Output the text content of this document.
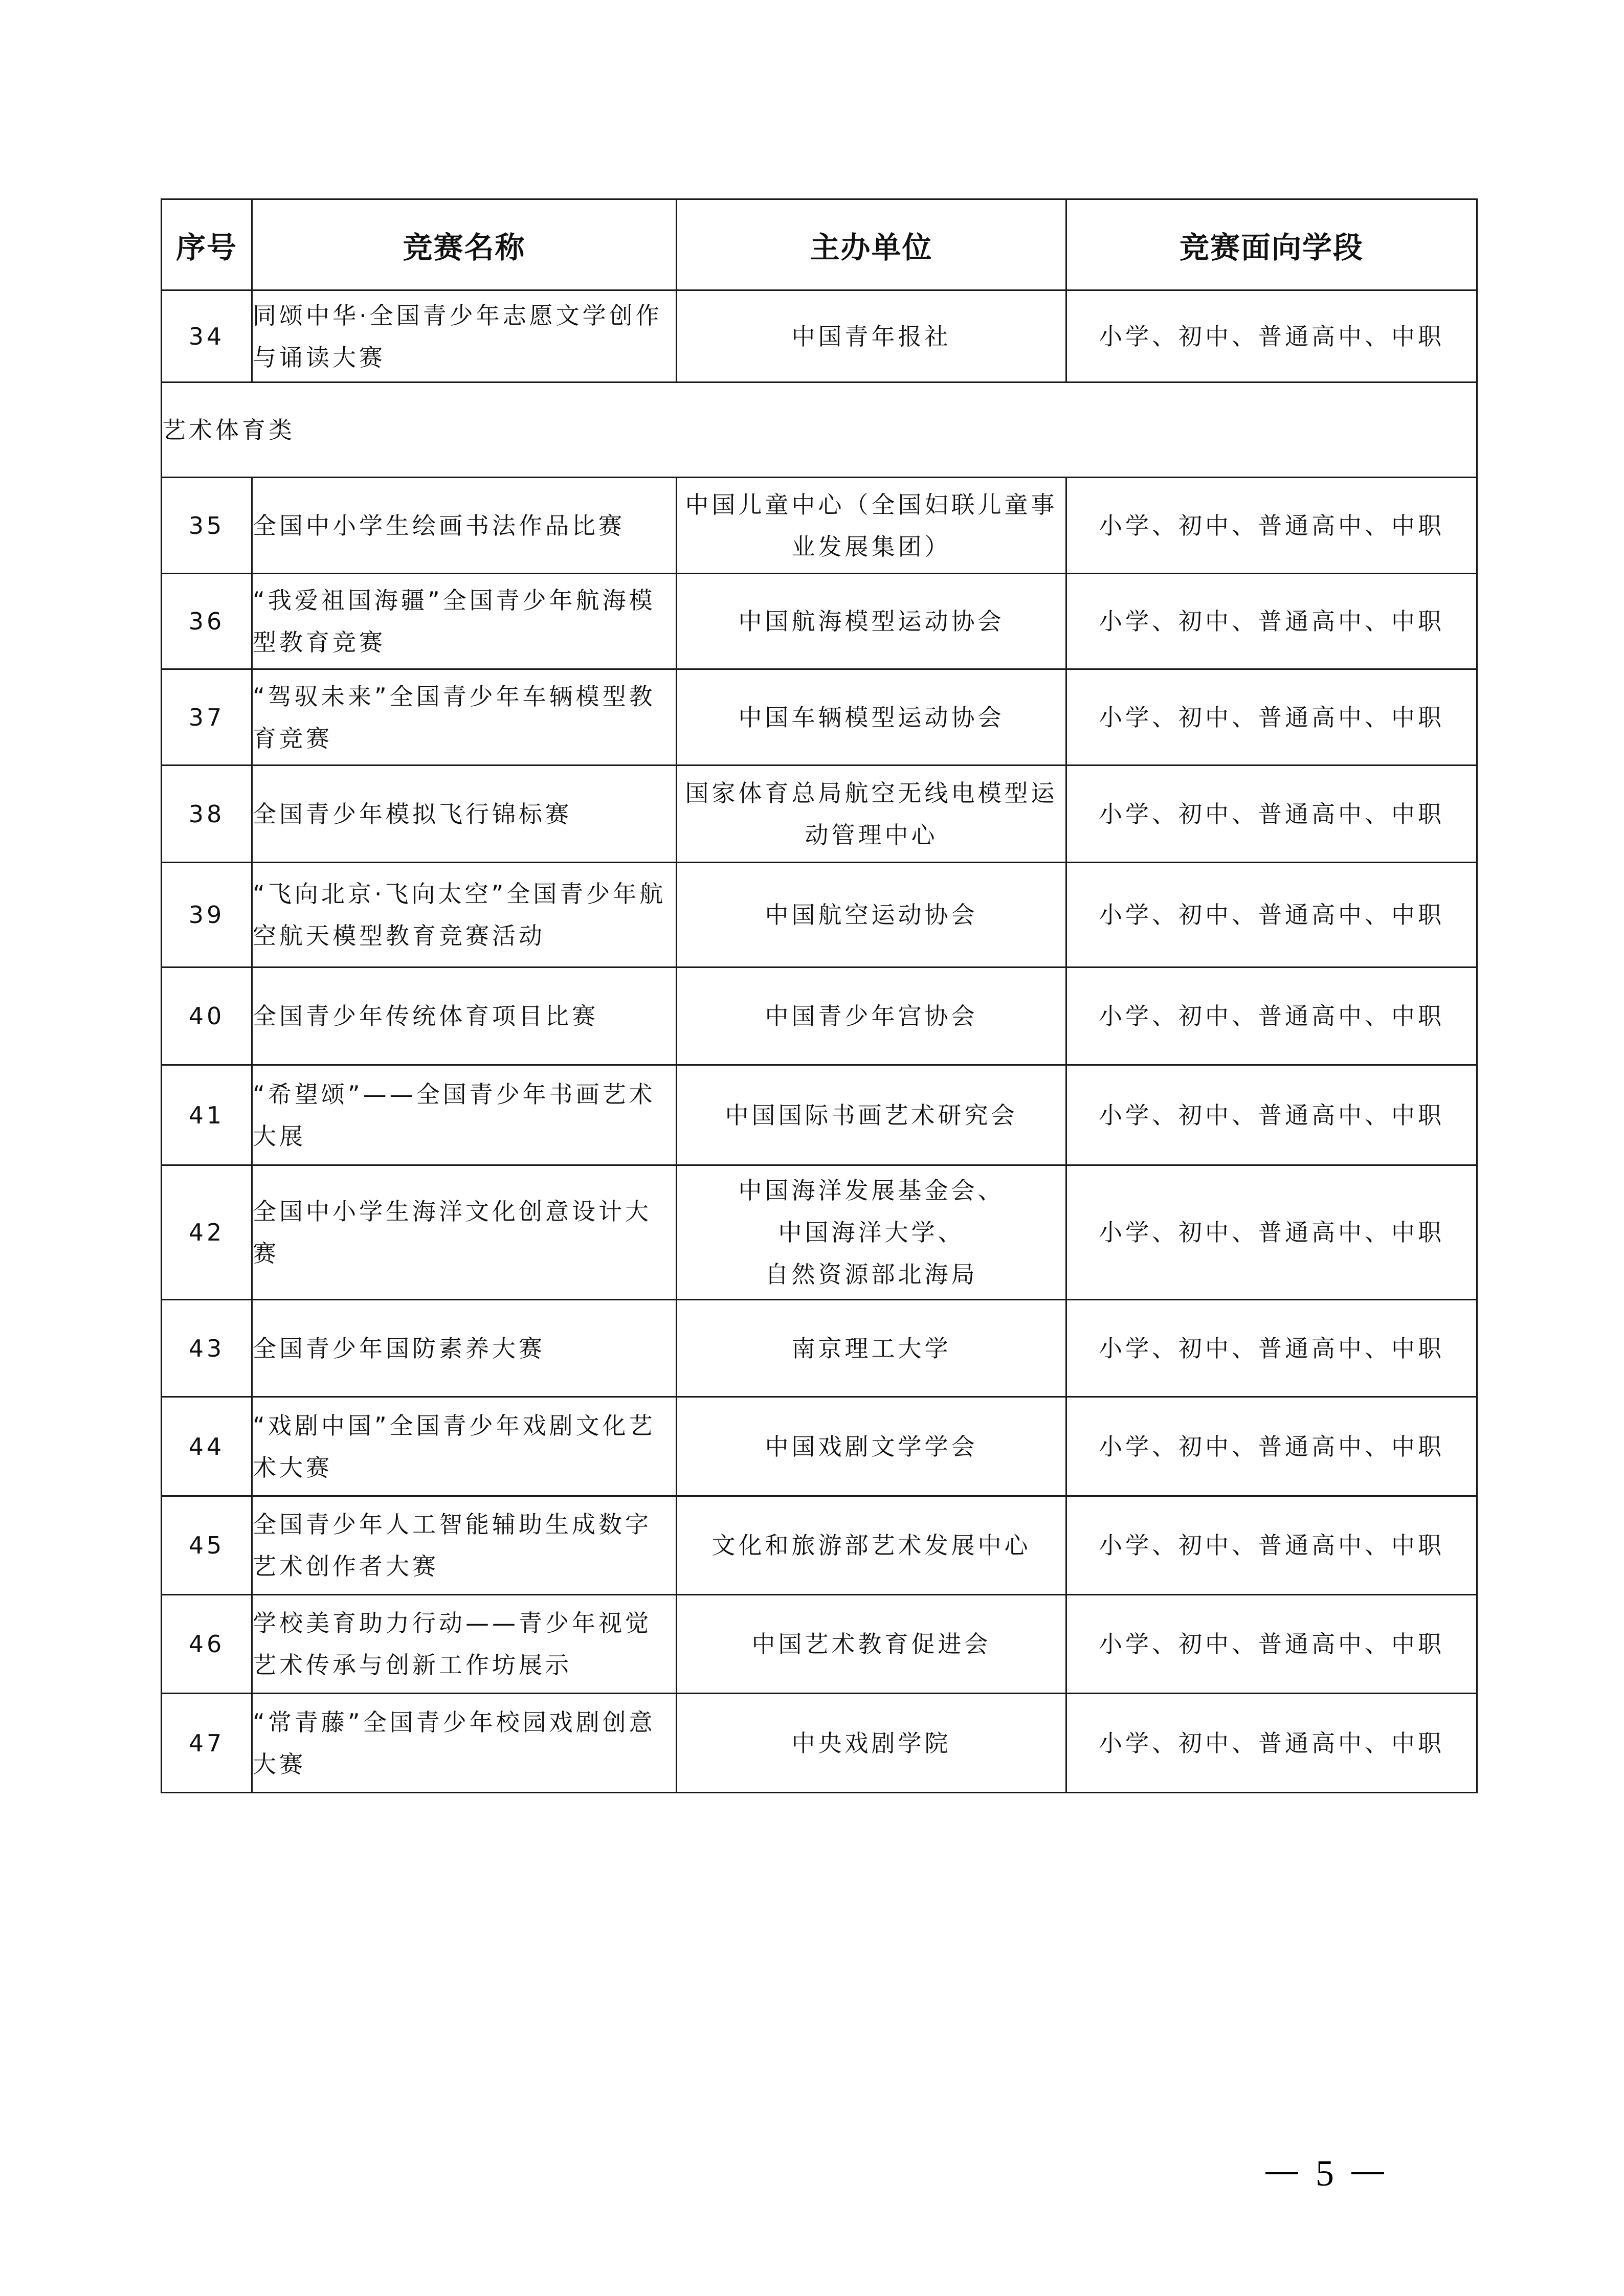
序号	竞赛名称	主办单位	竞赛面向学段
34	同颂中华·全国青少年志愿文学创作与诵读大赛	中国青年报社	小学、初中、普通高中、中职
艺术体育类			
35	全国中小学生绘画书法作品比赛	中国儿童中心（全国妇联儿童事业发展集团）	小学、初中、普通高中、中职
36	“我爱祖国海疆”全国青少年航海模型教育竞赛	中国航海模型运动协会	小学、初中、普通高中、中职
37	“驾驭未来”全国青少年车辆模型教育竞赛	中国车辆模型运动协会	小学、初中、普通高中、中职
38	全国青少年模拟飞行锦标赛	国家体育总局航空无线电模型运动管理中心	小学、初中、普通高中、中职
39	“飞向北京·飞向太空”全国青少年航空航天模型教育竞赛活动	中国航空运动协会	小学、初中、普通高中、中职
40	全国青少年传统体育项目比赛	中国青少年宫协会	小学、初中、普通高中、中职
41	“希望颂”——全国青少年书画艺术大展	中国国际书画艺术研究会	小学、初中、普通高中、中职
42	全国中小学生海洋文化创意设计大赛	中国海洋发展基金会、
中国海洋大学、
自然资源部北海局	小学、初中、普通高中、中职
43	全国青少年国防素养大赛	南京理工大学	小学、初中、普通高中、中职
44	“戏剧中国”全国青少年戏剧文化艺术大赛	中国戏剧文学学会	小学、初中、普通高中、中职
45	全国青少年人工智能辅助生成数字艺术创作者大赛	文化和旅游部艺术发展中心	小学、初中、普通高中、中职
46	学校美育助力行动——青少年视觉艺术传承与创新工作坊展示	中国艺术教育促进会	小学、初中、普通高中、中职
47	“常青藤”全国青少年校园戏剧创意大赛	中央戏剧学院	小学、初中、普通高中、中职
5
